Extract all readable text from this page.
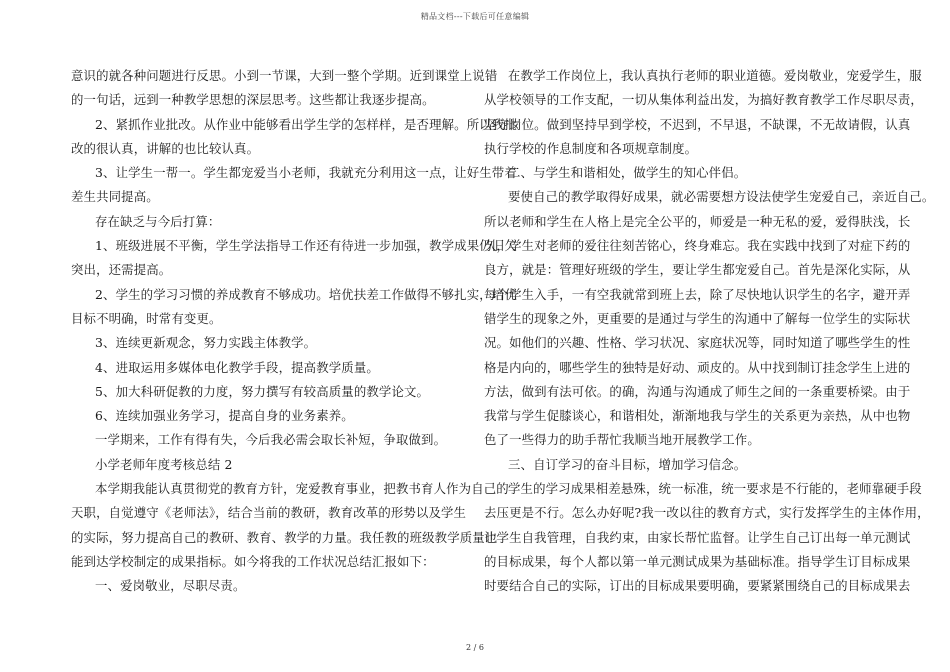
精品文档---下载后可任意编辑
意识的就各种问题进行反思。小到一节课，大到一整个学期。近到课堂上说错
的一句话，远到一种教学思想的深层思考。这些都让我逐步提高。
2、紧抓作业批改。从作业中能够看出学生学的怎样样，是否理解。所以我批
改的很认真，讲解的也比较认真。
3、让学生一帮一。学生都宠爱当小老师，我就充分利用这一点，让好生带着
差生共同提高。
存在缺乏与今后打算：
1、班级进展不平衡，学生学法指导工作还有待进一步加强，教学成果仍旧欠
突出，还需提高。
2、学生的学习习惯的养成教育不够成功。培优扶差工作做得不够扎实，培优
目标不明确，时常有变更。
3、连续更新观念，努力实践主体教学。
4、进取运用多媒体电化教学手段，提高教学质量。
5、加大科研促教的力度，努力撰写有较高质量的教学论文。
6、连续加强业务学习，提高自身的业务素养。
一学期来，工作有得有失，今后我必需会取长补短，争取做到。
小学老师年度考核总结 2
本学期我能认真贯彻党的教育方针，宠爱教育事业，把教书育人作为自己的
天职，自觉遵守《老师法》，结合当前的教研，教育改革的形势以及学生
的实际，努力提高自己的教研、教育、教学的力量。我任教的班级教学质量也
能到达学校制定的成果指标。如今将我的工作状况总结汇报如下：
一、爱岗敬业，尽职尽责。
在教学工作岗位上，我认真执行老师的职业道德。爱岗敬业，宠爱学生，服
从学校领导的工作支配，一切从集体利益出发，为搞好教育教学工作尽职尽责，
坚守岗位。做到坚持早到学校，不迟到，不早退，不缺课，不无故请假，认真
执行学校的作息制度和各项规章制度。
二、与学生和谐相处，做学生的知心伴侣。
要使自己的教学取得好成果，就必需要想方设法使学生宠爱自己，亲近自己。
所以老师和学生在人格上是完全公平的，师爱是一种无私的爱，爱得肤浅，长
久，学生对老师的爱往往刻苦铭心，终身难忘。我在实践中找到了对症下药的
良方，就是：管理好班级的学生，要让学生都宠爱自己。首先是深化实际，从
每个学生入手，一有空我就常到班上去，除了尽快地认识学生的名字，避开弄
错学生的现象之外，更重要的是通过与学生的沟通中了解每一位学生的实际状
况。如他们的兴趣、性格、学习状况、家庭状况等，同时知道了哪些学生的性
格是内向的，哪些学生的独特是好动、顽皮的。从中找到制订挂念学生上进的
方法，做到有法可依。的确，沟通与沟通成了师生之间的一条重要桥梁。由于
我常与学生促膝谈心，和谐相处，渐渐地我与学生的关系更为亲热，从中也物
色了一些得力的助手帮忙我顺当地开展教学工作。
三、自订学习的奋斗目标，增加学习信念。
学生的学习成果相差悬殊，统一标准，统一要求是不行能的，老师靠硬手段
去压更是不行。怎么办好呢?我一改以往的教育方式，实行发挥学生的主体作用，
让学生自我管理，自我约束，由家长帮忙监督。让学生自己订出每一单元测试
的目标成果，每个人都以第一单元测试成果为基础标准。指导学生订目标成果
时要结合自己的实际，订出的目标成果要明确，要紧紧围绕自己的目标成果去
2 / 6
